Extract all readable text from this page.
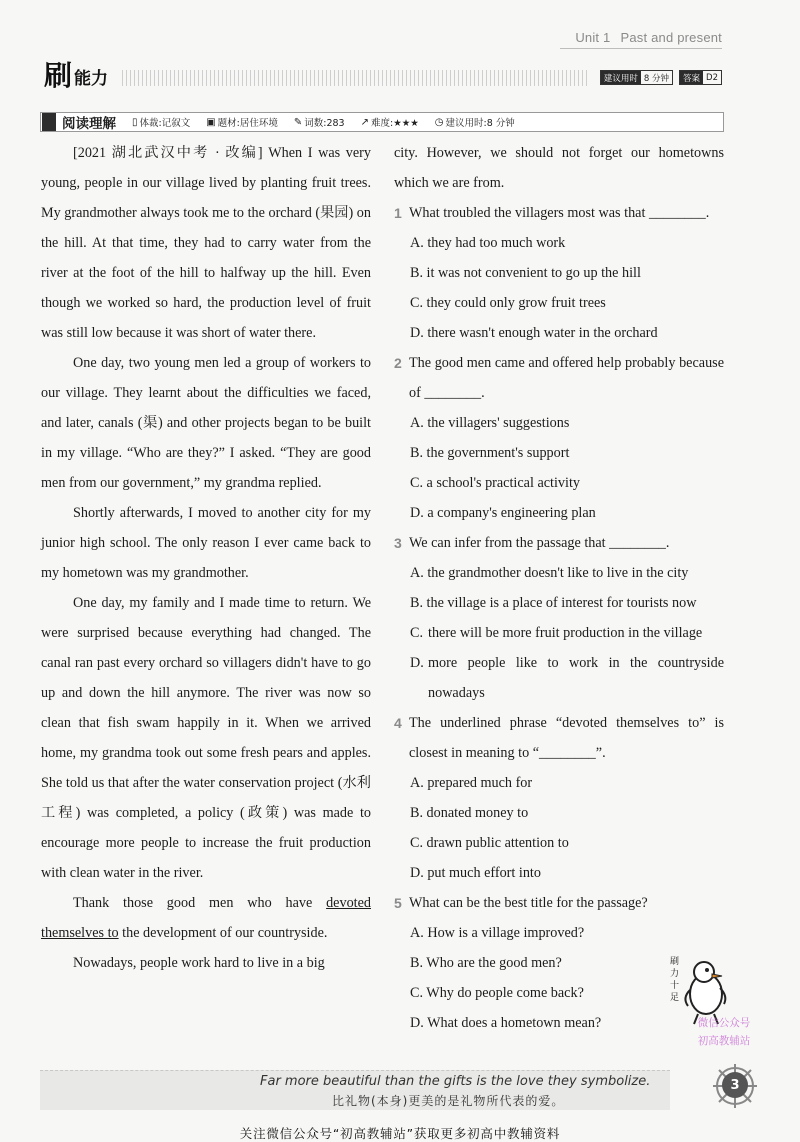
Unit 1 Past and present
刷 能力	建议用时 8 分钟	答案 D2
阅读理解 ▯ 体裁:记叙文 ▣ 题材:居住环境 ✎ 词数:283 ↗ 难度:★★★ ◷ 建议用时:8 分钟

[2021 湖北武汉中考 · 改编] When I was very young, people in our village lived by planting fruit trees. My grandmother always took me to the orchard (果园) on the hill. At that time, they had to carry water from the river at the foot of the hill to halfway up the hill. Even though we worked so hard, the production level of fruit was still low because it was short of water there.

One day, two young men led a group of workers to our village. They learnt about the difficulties we faced, and later, canals (渠) and other projects began to be built in my village. “Who are they?” I asked. “They are good men from our government,” my grandma replied.

Shortly afterwards, I moved to another city for my junior high school. The only reason I ever came back to my hometown was my grandmother.

One day, my family and I made time to return. We were surprised because everything had changed. The canal ran past every orchard so villagers didn't have to go up and down the hill anymore. The river was now so clean that fish swam happily in it. When we arrived home, my grandma took out some fresh pears and apples. She told us that after the water conservation project (水利工程) was completed, a policy (政策) was made to encourage more people to increase the fruit production with clean water in the river.

Thank those good men who have devoted themselves to the development of our countryside.

Nowadays, people work hard to live in a big

city. However, we should not forget our hometowns which we are from.

1 What troubled the villagers most was that ________.
A. they had too much work
B. it was not convenient to go up the hill
C. they could only grow fruit trees
D. there wasn't enough water in the orchard
2 The good men came and offered help probably because of ________.
A. the villagers' suggestions
B. the government's support
C. a school's practical activity
D. a company's engineering plan
3 We can infer from the passage that ________.
A. the grandmother doesn't like to live in the city
B. the village is a place of interest for tourists now
C. there will be more fruit production in the village
D. more people like to work in the countryside nowadays
4 The underlined phrase “devoted themselves to” is closest in meaning to “________”.
A. prepared much for
B. donated money to
C. drawn public attention to
D. put much effort into
5 What can be the best title for the passage?
A. How is a village improved?
B. Who are the good men?
C. Why do people come back?
D. What does a hometown mean?
刷
力
十
足
微信公众号
初高教辅站
Far more beautiful than the gifts is the love they symbolize.
比礼物(本身)更美的是礼物所代表的爱。
3
关注微信公众号“初高教辅站”获取更多初高中教辅资料
